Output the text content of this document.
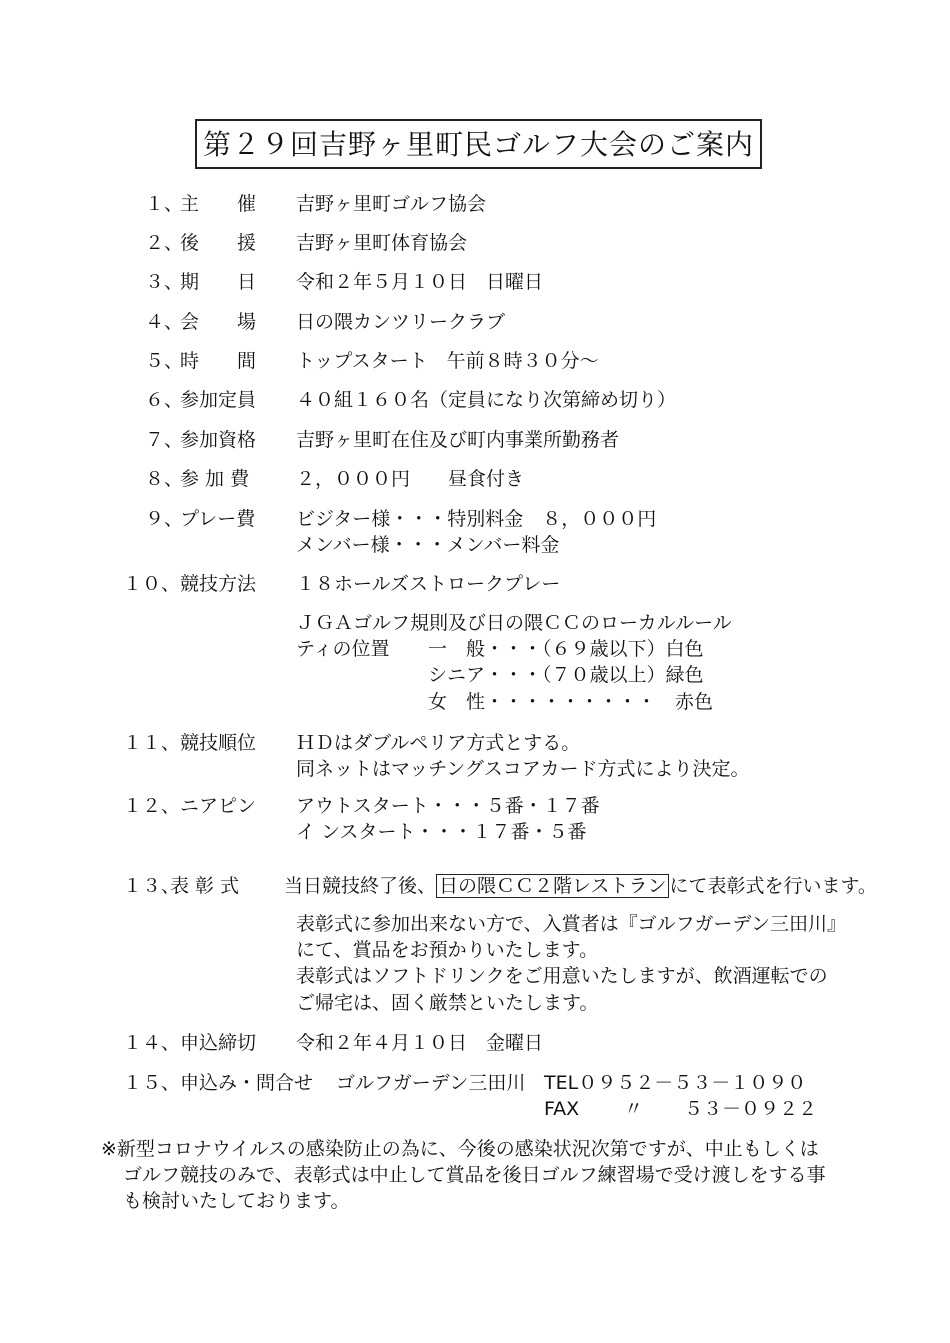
第２９回吉野ヶ里町民ゴルフ大会のご案内
１、
主　　催 吉野ヶ里町ゴルフ協会
２、
後　　援 吉野ヶ里町体育協会
３、
期　　日 令和２年５月１０日　日曜日
４、
会　　場 日の隈カンツリークラブ
５、
時　　間 トップスタート　午前８時３０分～
６、
参加定員 ４０組１６０名（定員になり次第締め切り）
７、
参加資格 吉野ヶ里町在住及び町内事業所勤務者
８、
参 加 費 ２，０００円　　昼食付き
９、
プレー費 ビジター様・・・特別料金　８，０００円
メンバー様・・・メンバー料金
１０、 競技方法 １８ホールズストロークプレー
ＪＧＡゴルフ規則及び日の隈ＣＣのローカルルール
ティの位置 一　般・・・（６９歳以下）白色
シニア・・・（７０歳以上）緑色
女　性・・・・・・・・・　赤色
１１、 競技順位 ＨＤはダブルペリア方式とする。
同ネットはマッチングスコアカード方式により決定。
１２、 ニアピン アウトスタート・・・５番・１７番
イ ンスタート・・・１７番・５番
１３、
表 彰 式 当日競技終了後、 日の隈ＣＣ２階レストラン にて表彰式を行います。
表彰式に参加出来ない方で、入賞者は『ゴルフガーデン三田川』
にて、賞品をお預かりいたします。
表彰式はソフトドリンクをご用意いたしますが、飲酒運転での
ご帰宅は、固く厳禁といたします。
１４、 申込締切 令和２年４月１０日　金曜日
１５、 申込み・問合せ ゴルフガーデン三田川 TEL０９５２－５３－１０９０
FAX 〃 ５３－０９２２
※新型コロナウイルスの感染防止の為に、今後の感染状況次第ですが、中止もしくは
ゴルフ競技のみで、表彰式は中止して賞品を後日ゴルフ練習場で受け渡しをする事
も検討いたしております。
